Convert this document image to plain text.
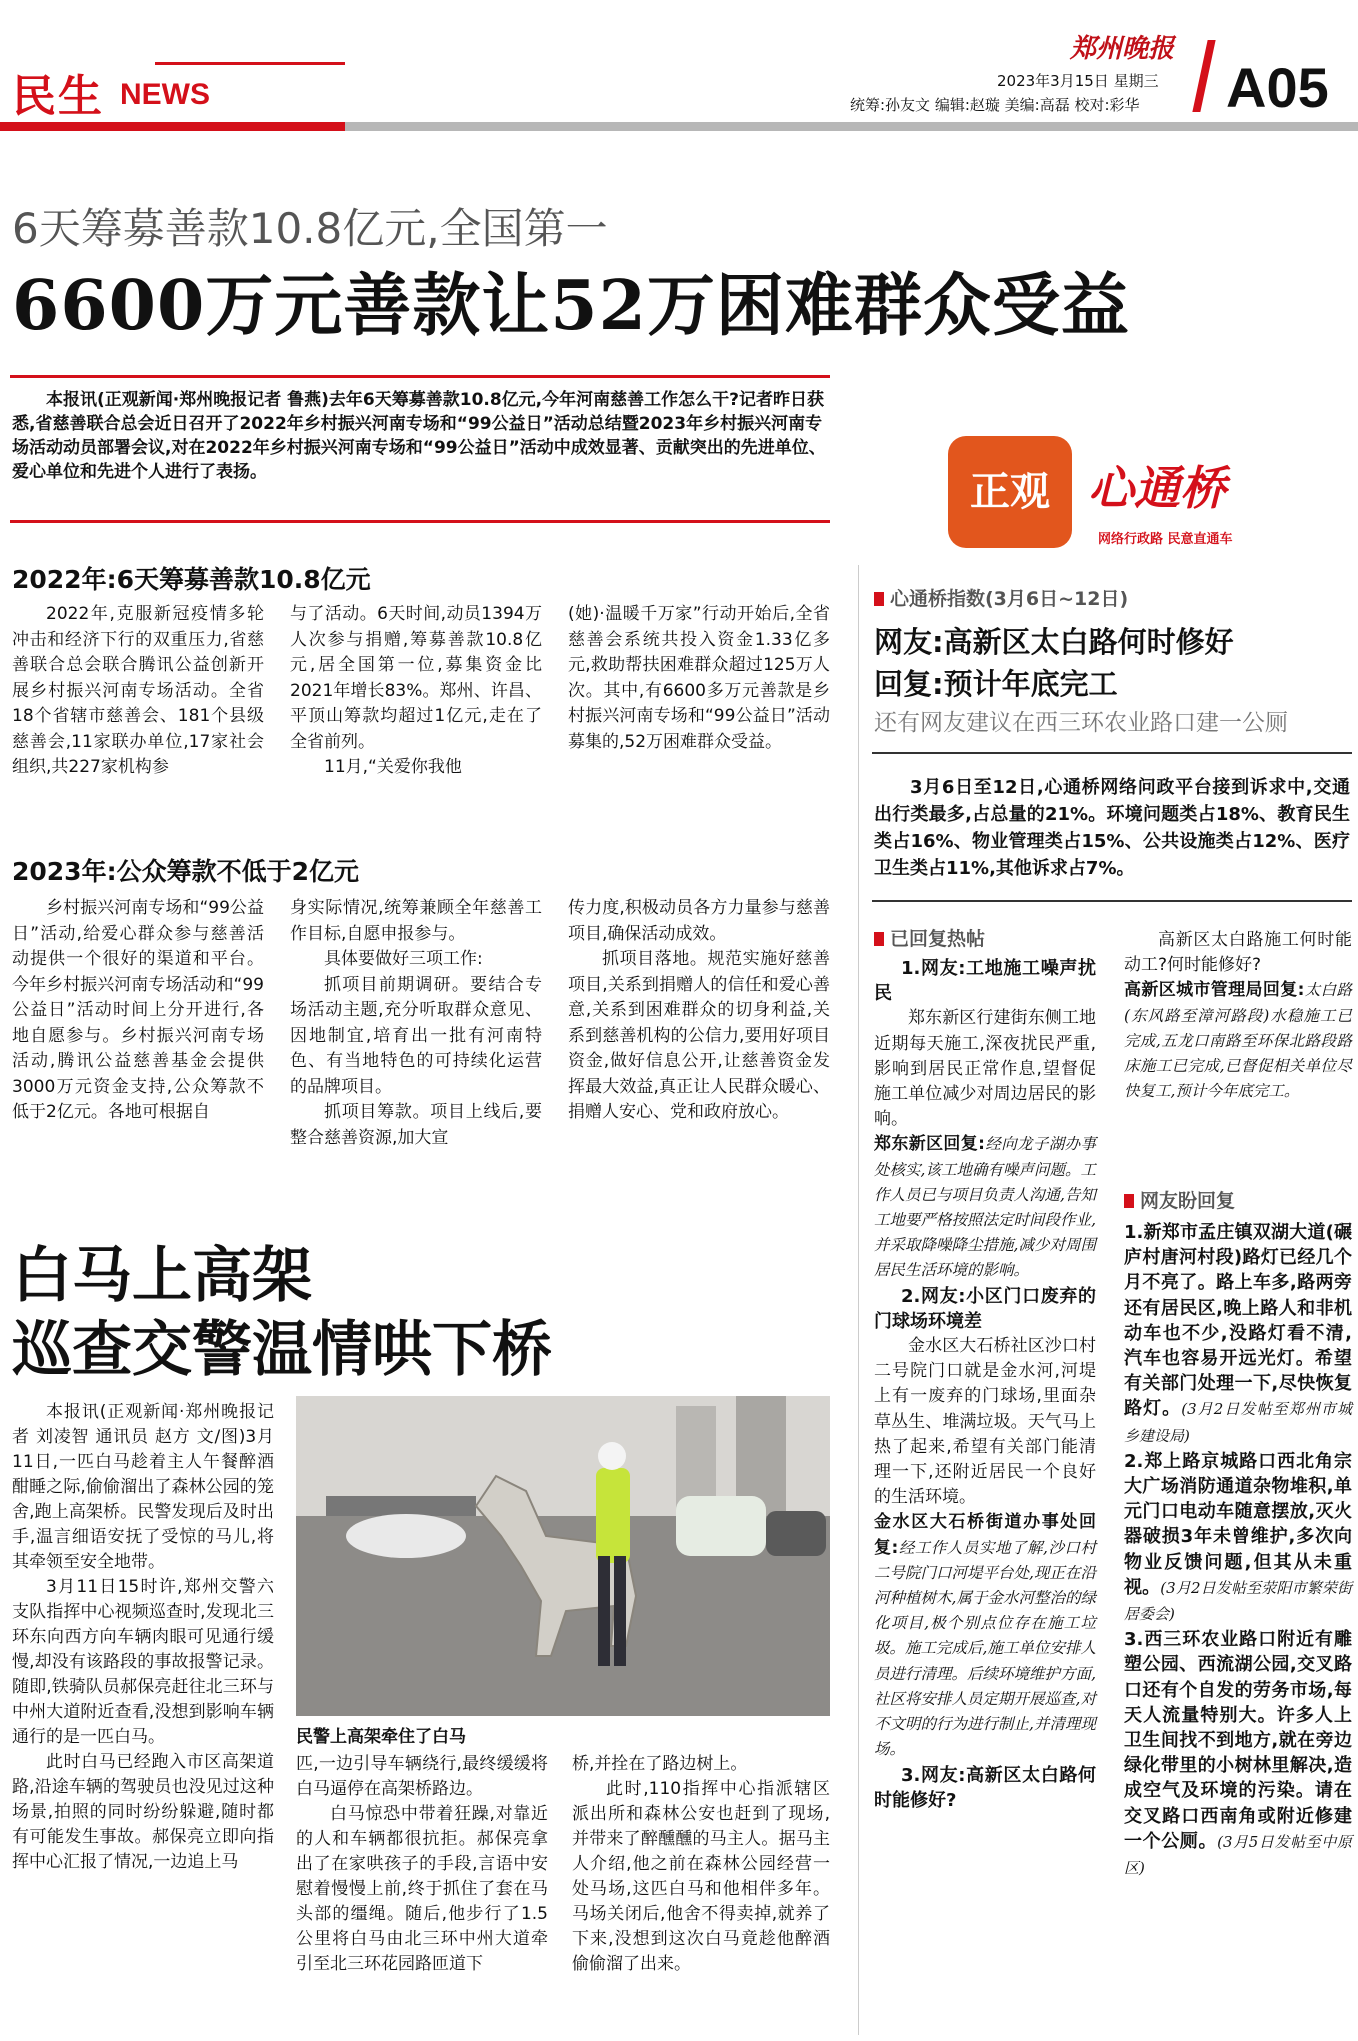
民生 NEWS
郑州晚报
2023年3月15日 星期三
统筹:孙友文 编辑:赵璇 美编:高磊 校对:彩华 A05
6天筹募善款10.8亿元,全国第一
6600万元善款让52万困难群众受益
本报讯(正观新闻·郑州晚报记者 鲁燕)去年6天筹募善款10.8亿元,今年河南慈善工作怎么干?记者昨日获悉,省慈善联合总会近日召开了2022年乡村振兴河南专场和“99公益日”活动总结暨2023年乡村振兴河南专场活动动员部署会议,对在2022年乡村振兴河南专场和“99公益日”活动中成效显著、贡献突出的先进单位、爱心单位和先进个人进行了表扬。
2022年:6天筹募善款10.8亿元

2022年,克服新冠疫情多轮冲击和经济下行的双重压力,省慈善联合总会联合腾讯公益创新开展乡村振兴河南专场活动。全省18个省辖市慈善会、181个县级慈善会,11家联办单位,17家社会组织,共227家机构参

与了活动。6天时间,动员1394万人次参与捐赠,筹募善款10.8亿元,居全国第一位,募集资金比2021年增长83%。郑州、许昌、平顶山筹款均超过1亿元,走在了全省前列。

11月,“关爱你我他

(她)·温暖千万家”行动开始后,全省慈善会系统共投入资金1.33亿多元,救助帮扶困难群众超过125万人次。其中,有6600多万元善款是乡村振兴河南专场和“99公益日”活动募集的,52万困难群众受益。

2023年:公众筹款不低于2亿元

乡村振兴河南专场和“99公益日”活动,给爱心群众参与慈善活动提供一个很好的渠道和平台。今年乡村振兴河南专场活动和“99公益日”活动时间上分开进行,各地自愿参与。乡村振兴河南专场活动,腾讯公益慈善基金会提供3000万元资金支持,公众筹款不低于2亿元。各地可根据自

身实际情况,统筹兼顾全年慈善工作目标,自愿申报参与。

具体要做好三项工作:

抓项目前期调研。要结合专场活动主题,充分听取群众意见、因地制宜,培育出一批有河南特色、有当地特色的可持续化运营的品牌项目。

抓项目筹款。项目上线后,要整合慈善资源,加大宣

传力度,积极动员各方力量参与慈善项目,确保活动成效。

抓项目落地。规范实施好慈善项目,关系到捐赠人的信任和爱心善意,关系到困难群众的切身利益,关系到慈善机构的公信力,要用好项目资金,做好信息公开,让慈善资金发挥最大效益,真正让人民群众暖心、捐赠人安心、党和政府放心。

正观 心通桥
网络行政路 民意直通车
心通桥指数(3月6日~12日)
网友:高新区太白路何时修好
回复:预计年底完工
还有网友建议在西三环农业路口建一公厕
3月6日至12日,心通桥网络问政平台接到诉求中,交通出行类最多,占总量的21%。环境问题类占18%、教育民生类占16%、物业管理类占15%、公共设施类占12%、医疗卫生类占11%,其他诉求占7%。
已回复热帖

1.网友:工地施工噪声扰民

郑东新区行建街东侧工地近期每天施工,深夜扰民严重,影响到居民正常作息,望督促施工单位减少对周边居民的影响。

郑东新区回复:经向龙子湖办事处核实,该工地确有噪声问题。工作人员已与项目负责人沟通,告知工地要严格按照法定时间段作业,并采取降噪降尘措施,减少对周围居民生活环境的影响。

2.网友:小区门口废弃的门球场环境差

金水区大石桥社区沙口村二号院门口就是金水河,河堤上有一废弃的门球场,里面杂草丛生、堆满垃圾。天气马上热了起来,希望有关部门能清理一下,还附近居民一个良好的生活环境。

金水区大石桥街道办事处回复:经工作人员实地了解,沙口村二号院门口河堤平台处,现正在沿河种植树木,属于金水河整治的绿化项目,极个别点位存在施工垃圾。施工完成后,施工单位安排人员进行清理。后续环境维护方面,社区将安排人员定期开展巡查,对不文明的行为进行制止,并清理现场。

3.网友:高新区太白路何时能修好?

高新区太白路施工何时能动工?何时能修好?

高新区城市管理局回复:太白路(东风路至漳河路段)水稳施工已完成,五龙口南路至环保北路段路床施工已完成,已督促相关单位尽快复工,预计今年底完工。

网友盼回复

1.新郑市孟庄镇双湖大道(碾庐村唐河村段)路灯已经几个月不亮了。路上车多,路两旁还有居民区,晚上路人和非机动车也不少,没路灯看不清,汽车也容易开远光灯。希望有关部门处理一下,尽快恢复路灯。(3月2日发帖至郑州市城乡建设局)

2.郑上路京城路口西北角宗大广场消防通道杂物堆积,单元门口电动车随意摆放,灭火器破损3年未曾维护,多次向物业反馈问题,但其从未重视。(3月2日发帖至荥阳市繁荣街居委会)

3.西三环农业路口附近有雕塑公园、西流湖公园,交叉路口还有个自发的劳务市场,每天人流量特别大。许多人上卫生间找不到地方,就在旁边绿化带里的小树林里解决,造成空气及环境的污染。请在交叉路口西南角或附近修建一个公厕。(3月5日发帖至中原区)

白马上高架
巡查交警温情哄下桥

本报讯(正观新闻·郑州晚报记者 刘凌智 通讯员 赵方 文/图)3月11日,一匹白马趁着主人午餐醉酒酣睡之际,偷偷溜出了森林公园的笼舍,跑上高架桥。民警发现后及时出手,温言细语安抚了受惊的马儿,将其牵领至安全地带。

3月11日15时许,郑州交警六支队指挥中心视频巡查时,发现北三环东向西方向车辆肉眼可见通行缓慢,却没有该路段的事故报警记录。随即,铁骑队员郝保亮赶往北三环与中州大道附近查看,没想到影响车辆通行的是一匹白马。

此时白马已经跑入市区高架道路,沿途车辆的驾驶员也没见过这种场景,拍照的同时纷纷躲避,随时都有可能发生事故。郝保亮立即向指挥中心汇报了情况,一边追上马

民警上高架牵住了白马

匹,一边引导车辆绕行,最终缓缓将白马逼停在高架桥路边。

白马惊恐中带着狂躁,对靠近的人和车辆都很抗拒。郝保亮拿出了在家哄孩子的手段,言语中安慰着慢慢上前,终于抓住了套在马头部的缰绳。随后,他步行了1.5公里将白马由北三环中州大道牵引至北三环花园路匝道下

桥,并拴在了路边树上。

此时,110指挥中心指派辖区派出所和森林公安也赶到了现场,并带来了醉醺醺的马主人。据马主人介绍,他之前在森林公园经营一处马场,这匹白马和他相伴多年。马场关闭后,他舍不得卖掉,就养了下来,没想到这次白马竟趁他醉酒偷偷溜了出来。
